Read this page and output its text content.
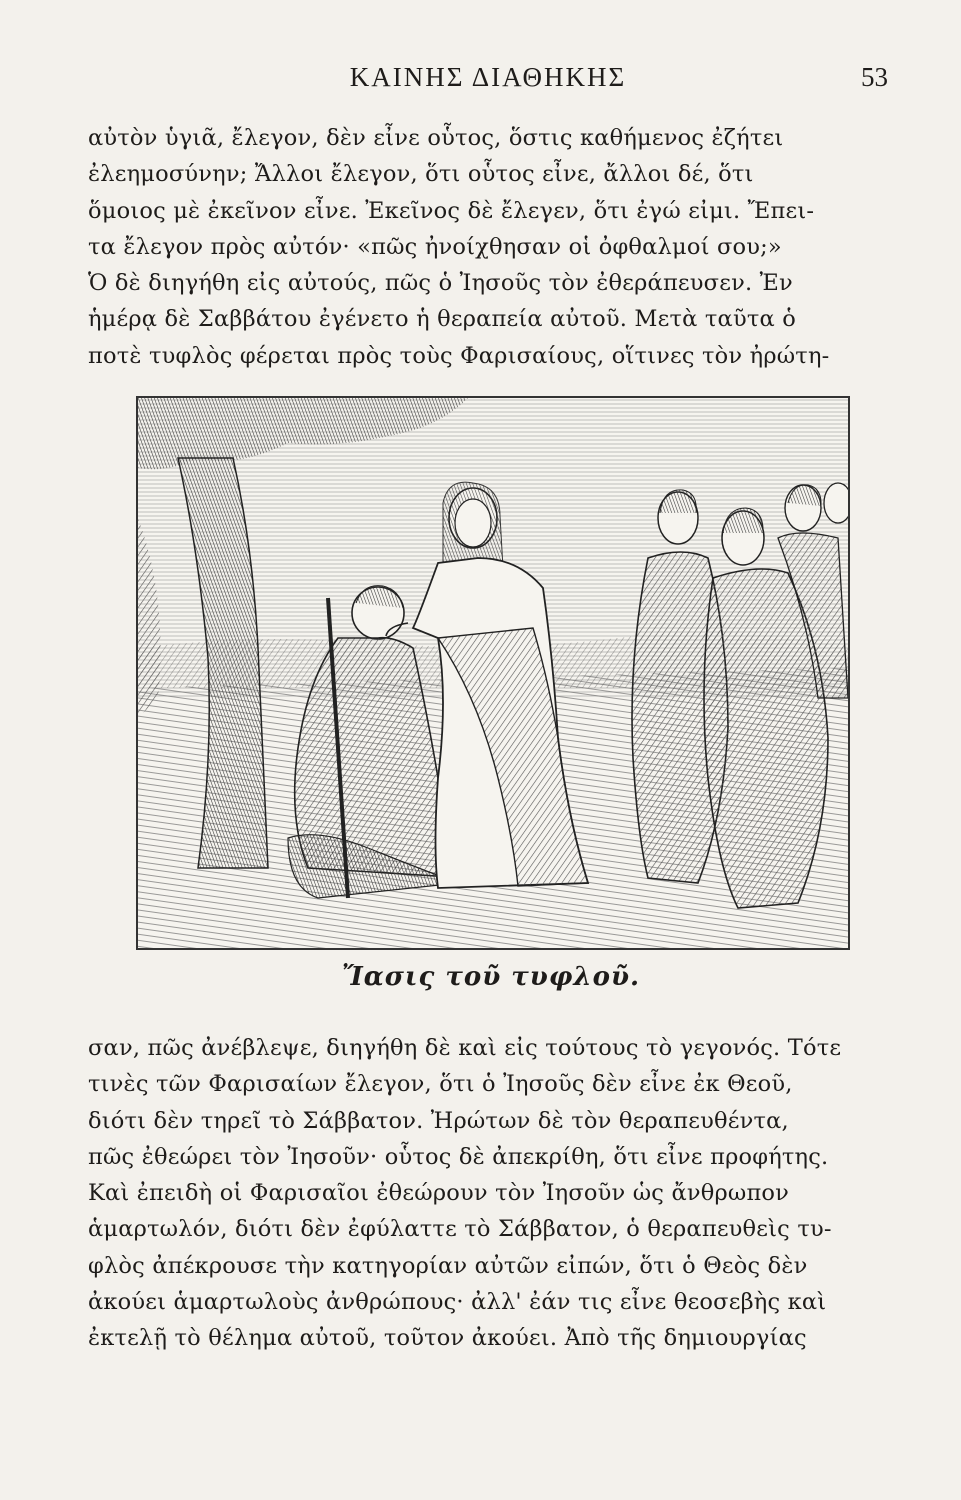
ΚΑΙΝΗΣ ΔΙΑΘΗΚΗΣ	53
αὐτὸν ὑγιᾶ, ἔλεγον, δὲν εἶνε οὗτος, ὅστις καθήμενος ἐζήτει
ἐλεημοσύνην; Ἄλλοι ἔλεγον, ὅτι οὗτος εἶνε, ἄλλοι δέ, ὅτι
ὅμοιος μὲ ἐκεῖνον εἶνε. Ἐκεῖνος δὲ ἔλεγεν, ὅτι ἐγώ εἰμι. Ἔπει-
τα ἔλεγον πρὸς αὐτόν· «πῶς ἠνοίχθησαν οἱ ὀφθαλμοί σου;»
Ὁ δὲ διηγήθη εἰς αὐτούς, πῶς ὁ Ἰησοῦς τὸν ἐθεράπευσεν. Ἐν
ἡμέρᾳ δὲ Σαββάτου ἐγένετο ἡ θεραπεία αὐτοῦ. Μετὰ ταῦτα ὁ
ποτὲ τυφλὸς φέρεται πρὸς τοὺς Φαρισαίους, οἵτινες τὸν ἠρώτη-
Ἴασις τοῦ τυφλοῦ.
σαν, πῶς ἀνέβλεψε, διηγήθη δὲ καὶ εἰς τούτους τὸ γεγονός. Τότε
τινὲς τῶν Φαρισαίων ἔλεγον, ὅτι ὁ Ἰησοῦς δὲν εἶνε ἐκ Θεοῦ,
διότι δὲν τηρεῖ τὸ Σάββατον. Ἠρώτων δὲ τὸν θεραπευθέντα,
πῶς ἐθεώρει τὸν Ἰησοῦν· οὗτος δὲ ἀπεκρίθη, ὅτι εἶνε προφήτης.
Καὶ ἐπειδὴ οἱ Φαρισαῖοι ἐθεώρουν τὸν Ἰησοῦν ὡς ἄνθρωπον
ἁμαρτωλόν, διότι δὲν ἐφύλαττε τὸ Σάββατον, ὁ θεραπευθεὶς τυ-
φλὸς ἀπέκρουσε τὴν κατηγορίαν αὐτῶν εἰπών, ὅτι ὁ Θεὸς δὲν
ἀκούει ἁμαρτωλοὺς ἀνθρώπους· ἀλλ' ἐάν τις εἶνε θεοσεβὴς καὶ
ἐκτελῇ τὸ θέλημα αὐτοῦ, τοῦτον ἀκούει. Ἀπὸ τῆς δημιουργίας
